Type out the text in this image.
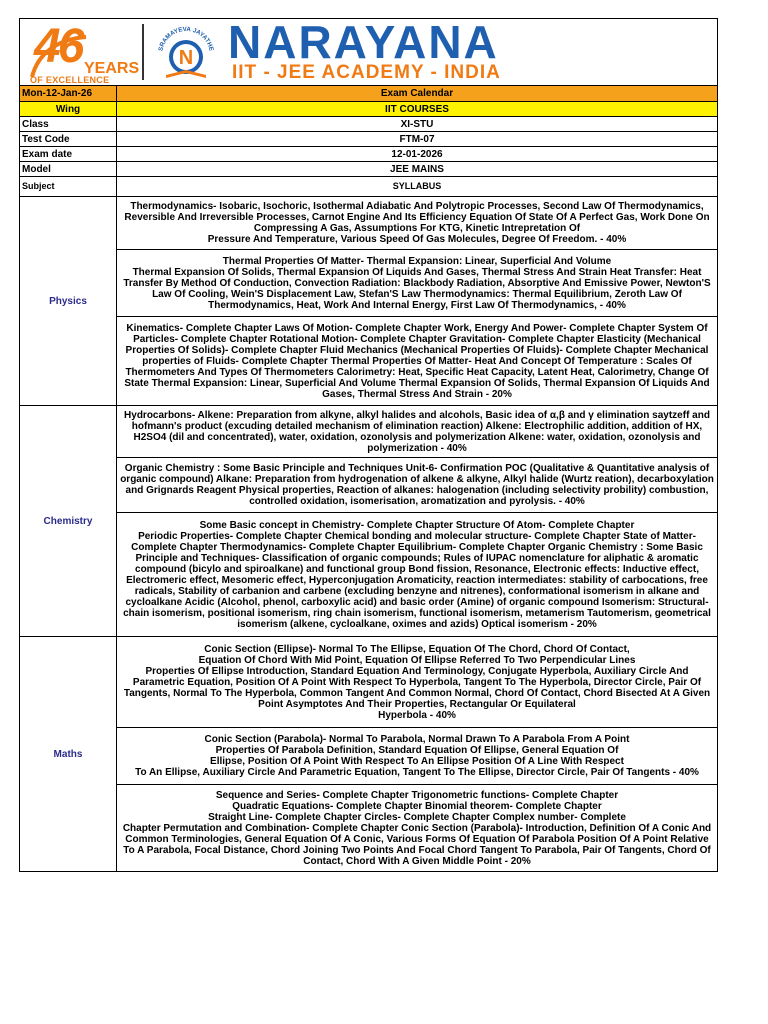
46 YEARS
OF EXCELLENCE
SRAMAYEVA JAYATHE
N NARAYANA
IIT - JEE ACADEMY - INDIA
Mon-12-Jan-26	Exam Calendar
Wing	IIT COURSES
Class	XI-STU
Test Code	FTM-07
Exam date	12-01-2026
Model	JEE MAINS
Subject	SYLLABUS
Physics	Thermodynamics- Isobaric, Isochoric, Isothermal Adiabatic And Polytropic Processes, Second Law Of Thermodynamics, Reversible And Irreversible Processes, Carnot Engine And Its Efficiency Equation Of State Of A Perfect Gas, Work Done On Compressing A Gas, Assumptions For KTG, Kinetic Intrepretation Of
Pressure And Temperature, Various Speed Of Gas Molecules, Degree Of Freedom. - 40%
	Thermal Properties Of Matter- Thermal Expansion: Linear, Superficial And Volume
Thermal Expansion Of Solids, Thermal Expansion Of Liquids And Gases, Thermal Stress And Strain Heat Transfer: Heat Transfer By Method Of Conduction, Convection Radiation: Blackbody Radiation, Absorptive And Emissive Power, Newton'S Law Of Cooling, Wein'S Displacement Law, Stefan'S Law Thermodynamics: Thermal Equilibrium, Zeroth Law Of Thermodynamics, Heat, Work And Internal Energy, First Law Of Thermodynamics, - 40%
	Kinematics- Complete Chapter Laws Of Motion- Complete Chapter Work, Energy And Power- Complete Chapter System Of Particles- Complete Chapter Rotational Motion- Complete Chapter Gravitation- Complete Chapter Elasticity (Mechanical Properties Of Solids)- Complete Chapter Fluid Mechanics (Mechanical Properties Of Fluids)- Complete Chapter Mechanical properties of Fluids- Complete Chapter Thermal Properties Of Matter- Heat And Concept Of Temperature : Scales Of Thermometers And Types Of Thermometers Calorimetry: Heat, Specific Heat Capacity, Latent Heat, Calorimetry, Change Of State Thermal Expansion: Linear, Superficial And Volume Thermal Expansion Of Solids, Thermal Expansion Of Liquids And Gases, Thermal Stress And Strain - 20%
Chemistry	Hydrocarbons- Alkene: Preparation from alkyne, alkyl halides and alcohols, Basic idea of α,β and γ elimination saytzeff and hofmann's product (excuding detailed mechanism of elimination reaction) Alkene: Electrophilic addition, addition of HX, H2SO4 (dil and concentrated), water, oxidation, ozonolysis and polymerization Alkene: water, oxidation, ozonolysis and polymerization - 40%
	Organic Chemistry : Some Basic Principle and Techniques Unit-6- Confirmation POC (Qualitative & Quantitative analysis of organic compound) Alkane: Preparation from hydrogenation of alkene & alkyne, Alkyl halide (Wurtz reation), decarboxylation and Grignards Reagent Physical properties, Reaction of alkanes: halogenation (including selectivity probility) combustion, controlled oxidation, isomerisation, aromatization and pyrolysis. - 40%
	Some Basic concept in Chemistry- Complete Chapter Structure Of Atom- Complete Chapter
Periodic Properties- Complete Chapter Chemical bonding and molecular structure- Complete Chapter State of Matter- Complete Chapter Thermodynamics- Complete Chapter Equilibrium- Complete Chapter Organic Chemistry : Some Basic Principle and Techniques- Classification of organic compounds; Rules of IUPAC nomenclature for aliphatic & aromatic compound (bicylo and spiroalkane) and functional group Bond fission, Resonance, Electronic effects: Inductive effect, Electromeric effect, Mesomeric effect, Hyperconjugation Aromaticity, reaction intermediates: stability of carbocations, free radicals, Stability of carbanion and carbene (excluding benzyne and nitrenes), conformational isomerism in alkane and cycloalkane Acidic (Alcohol, phenol, carboxylic acid) and basic order (Amine) of organic compound Isomerism: Structural- chain isomerism, positional isomerism, ring chain isomerism, functional isomerism, metamerism Tautomerism, geometrical isomerism (alkene, cycloalkane, oximes and azids) Optical isomerism - 20%
Maths	Conic Section (Ellipse)- Normal To The Ellipse, Equation Of The Chord, Chord Of Contact,
Equation Of Chord With Mid Point, Equation Of Ellipse Referred To Two Perpendicular Lines
Properties Of Ellipse Introduction, Standard Equation And Terminology, Conjugate Hyperbola, Auxiliary Circle And Parametric Equation, Position Of A Point With Respect To Hyperbola, Tangent To The Hyperbola, Director Circle, Pair Of Tangents, Normal To The Hyperbola, Common Tangent And Common Normal, Chord Of Contact, Chord Bisected At A Given Point Asymptotes And Their Properties, Rectangular Or Equilateral
Hyperbola - 40%
	Conic Section (Parabola)- Normal To Parabola, Normal Drawn To A Parabola From A Point
Properties Of Parabola Definition, Standard Equation Of Ellipse, General Equation Of
Ellipse, Position Of A Point With Respect To An Ellipse Position Of A Line With Respect
To An Ellipse, Auxiliary Circle And Parametric Equation, Tangent To The Ellipse, Director Circle, Pair Of Tangents - 40%
	Sequence and Series- Complete Chapter Trigonometric functions- Complete Chapter
Quadratic Equations- Complete Chapter Binomial theorem- Complete Chapter
Straight Line- Complete Chapter Circles- Complete Chapter Complex number- Complete
Chapter Permutation and Combination- Complete Chapter Conic Section (Parabola)- Introduction, Definition Of A Conic And Common Terminologies, General Equation Of A Conic, Various Forms Of Equation Of Parabola Position Of A Point Relative To A Parabola, Focal Distance, Chord Joining Two Points And Focal Chord Tangent To Parabola, Pair Of Tangents, Chord Of Contact, Chord With A Given Middle Point - 20%
